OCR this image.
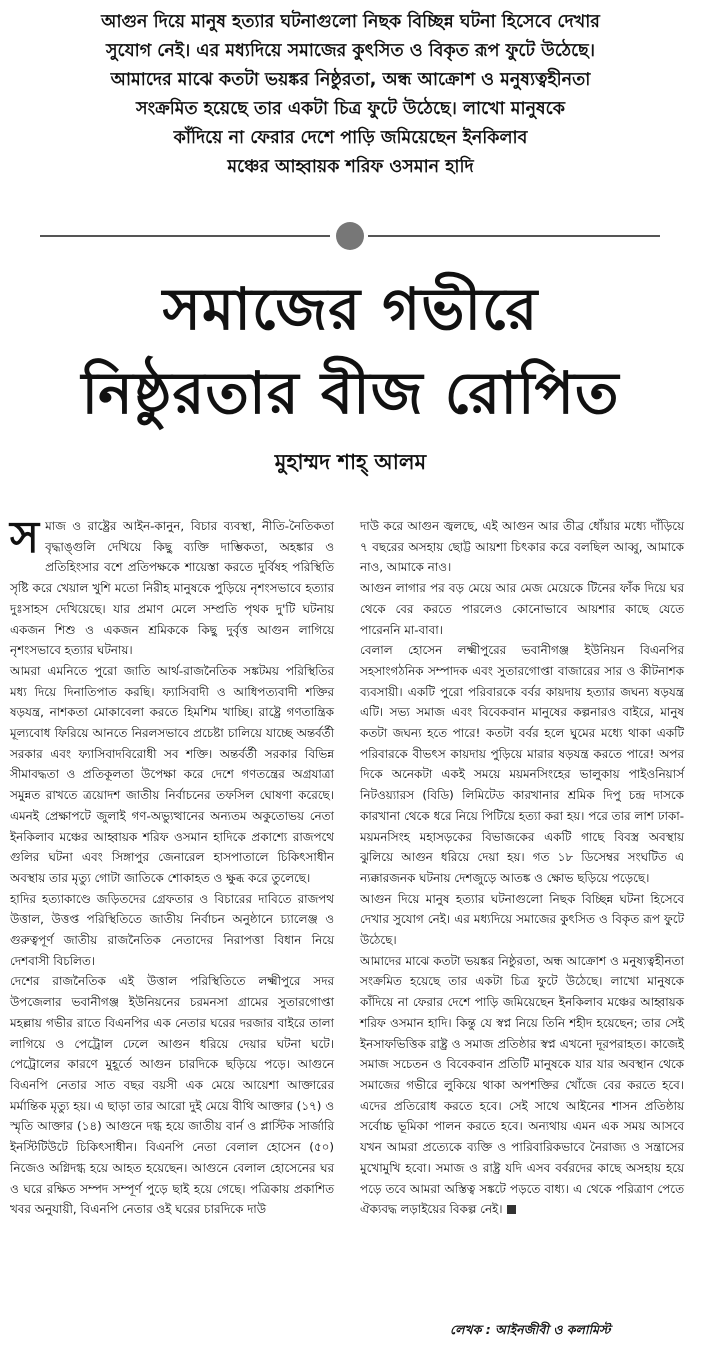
আগুন দিয়ে মানুষ হত্যার ঘটনাগুলো নিছক বিচ্ছিন্ন ঘটনা হিসেবে দেখার
সুযোগ নেই। এর মধ্যদিয়ে সমাজের কুৎসিত ও বিকৃত রূপ ফুটে উঠেছে।
আমাদের মাঝে কতটা ভয়ঙ্কর নিষ্ঠুরতা, অন্ধ আক্রোশ ও মনুষ্যত্বহীনতা
সংক্রমিত হয়েছে তার একটা চিত্র ফুটে উঠেছে। লাখো মানুষকে
কাঁদিয়ে না ফেরার দেশে পাড়ি জমিয়েছেন ইনকিলাব
মঞ্চের আহ্বায়ক শরিফ ওসমান হাদি
সমাজের গভীরে
নিষ্ঠুরতার বীজ রোপিত
মুহাম্মদ শাহ্ আলম
স মাজ ও রাষ্ট্রের আইন-কানুন, বিচার ব্যবস্থা, নীতি-নৈতিকতা বৃদ্ধাঙ্গুলি দেখিয়ে কিছু ব্যক্তি দাম্ভিকতা, অহঙ্কার ও প্রতিহিংসার বশে প্রতিপক্ষকে শায়েস্তা করতে দুর্বিষহ পরিস্থিতি সৃষ্টি করে খেয়াল খুশি মতো নিরীহ মানুষকে পুড়িয়ে নৃশংসভাবে হত্যার দুঃসাহস দেখিয়েছে। যার প্রমাণ মেলে সম্প্রতি পৃথক দু'টি ঘটনায় একজন শিশু ও একজন শ্রমিককে কিছু দুর্বৃত্ত আগুন লাগিয়ে নৃশংসভাবে হত্যার ঘটনায়।

আমরা এমনিতে পুরো জাতি আর্থ-রাজনৈতিক সঙ্কটময় পরিস্থিতির মধ্য দিয়ে দিনাতিপাত করছি। ফ্যাসিবাদী ও আধিপত্যবাদী শক্তির ষড়যন্ত্র, নাশকতা মোকাবেলা করতে হিমশিম খাচ্ছি। রাষ্ট্রে গণতান্ত্রিক মূল্যবোধ ফিরিয়ে আনতে নিরলসভাবে প্রচেষ্টা চালিয়ে যাচ্ছে অন্তর্বর্তী সরকার এবং ফ্যাসিবাদবিরোধী সব শক্তি। অন্তর্বর্তী সরকার বিভিন্ন সীমাবদ্ধতা ও প্রতিকূলতা উপেক্ষা করে দেশে গণতন্ত্রের অগ্রযাত্রা সমুন্নত রাখতে ত্রয়োদশ জাতীয় নির্বাচনের তফসিল ঘোষণা করেছে। এমনই প্রেক্ষাপটে জুলাই গণ-অভ্যুত্থানের অন্যতম অকুতোভয় নেতা ইনকিলাব মঞ্চের আহ্বায়ক শরিফ ওসমান হাদিকে প্রকাশ্যে রাজপথে গুলির ঘটনা এবং সিঙ্গাপুর জেনারেল হাসপাতালে চিকিৎসাধীন অবস্থায় তার মৃত্যু গোটা জাতিকে শোকাহত ও ক্ষুব্ধ করে তুলেছে।

হাদির হত্যাকাণ্ডে জড়িতদের গ্রেফতার ও বিচারের দাবিতে রাজপথ উত্তাল, উত্তপ্ত পরিস্থিতিতে জাতীয় নির্বাচন অনুষ্ঠানে চ্যালেঞ্জ ও গুরুত্বপূর্ণ জাতীয় রাজনৈতিক নেতাদের নিরাপত্তা বিধান নিয়ে দেশবাসী বিচলিত।

দেশের রাজনৈতিক এই উত্তাল পরিস্থিতিতে লক্ষ্মীপুরে সদর উপজেলার ভবানীগঞ্জ ইউনিয়নের চরমনসা গ্রামের সুতারগোপ্তা মহল্লায় গভীর রাতে বিএনপির এক নেতার ঘরের দরজার বাইরে তালা লাগিয়ে ও পেট্রোল ঢেলে আগুন ধরিয়ে দেয়ার ঘটনা ঘটে। পেট্রোলের কারণে মুহূর্তে আগুন চারদিকে ছড়িয়ে পড়ে। আগুনে বিএনপি নেতার সাত বছর বয়সী এক মেয়ে আয়েশা আক্তারের মর্মান্তিক মৃত্যু হয়। এ ছাড়া তার আরো দুই মেয়ে বীথি আক্তার (১৭) ও স্মৃতি আক্তার (১৪) আগুনে দগ্ধ হয়ে জাতীয় বার্ন ও প্লাস্টিক সার্জারি ইনস্টিটিউটে চিকিৎসাধীন। বিএনপি নেতা বেলাল হোসেন (৫০) নিজেও অগ্নিদগ্ধ হয়ে আহত হয়েছেন। আগুনে বেলাল হোসেনের ঘর ও ঘরে রক্ষিত সম্পদ সম্পূর্ণ পুড়ে ছাই হয়ে গেছে। পত্রিকায় প্রকাশিত খবর অনুযায়ী, বিএনপি নেতার ওই ঘরের চারদিকে দাউ

দাউ করে আগুন জ্বলছে, এই আগুন আর তীব্র ধোঁয়ার মধ্যে দাঁড়িয়ে ৭ বছরের অসহায় ছোট্ট আয়শা চিৎকার করে বলছিল আব্বু, আমাকে নাও, আমাকে নাও।

আগুন লাগার পর বড় মেয়ে আর মেজ মেয়েকে টিনের ফাঁক দিয়ে ঘর থেকে বের করতে পারলেও কোনোভাবে আয়শার কাছে যেতে পারেননি মা-বাবা।

বেলাল হোসেন লক্ষ্মীপুরের ভবানীগঞ্জ ইউনিয়ন বিএনপির সহসাংগঠনিক সম্পাদক এবং সুতারগোপ্তা বাজারের সার ও কীটনাশক ব্যবসায়ী। একটি পুরো পরিবারকে বর্বর কায়দায় হত্যার জঘন্য ষড়যন্ত্র এটি। সভ্য সমাজ এবং বিবেকবান মানুষের কল্পনারও বাইরে, মানুষ কতটা জঘন্য হতে পারে! কতটা বর্বর হলে ঘুমের মধ্যে থাকা একটি পরিবারকে বীভৎস কায়দায় পুড়িয়ে মারার ষড়যন্ত্র করতে পারে! অপর দিকে অনেকটা একই সময়ে ময়মনসিংহের ভালুকায় পাইওনিয়ার্স নিটওয়্যারস (বিডি) লিমিটেড কারখানার শ্রমিক দিপু চন্দ্র দাসকে কারখানা থেকে ধরে নিয়ে পিটিয়ে হত্যা করা হয়। পরে তার লাশ ঢাকা-ময়মনসিংহ মহাসড়কের বিভাজকের একটি গাছে বিবস্ত্র অবস্থায় ঝুলিয়ে আগুন ধরিয়ে দেয়া হয়। গত ১৮ ডিসেম্বর সংঘটিত এ ন্যক্কারজনক ঘটনায় দেশজুড়ে আতঙ্ক ও ক্ষোভ ছড়িয়ে পড়েছে।

আগুন দিয়ে মানুষ হত্যার ঘটনাগুলো নিছক বিচ্ছিন্ন ঘটনা হিসেবে দেখার সুযোগ নেই। এর মধ্যদিয়ে সমাজের কুৎসিত ও বিকৃত রূপ ফুটে উঠেছে।

আমাদের মাঝে কতটা ভয়ঙ্কর নিষ্ঠুরতা, অন্ধ আক্রোশ ও মনুষ্যত্বহীনতা সংক্রমিত হয়েছে তার একটা চিত্র ফুটে উঠেছে। লাখো মানুষকে কাঁদিয়ে না ফেরার দেশে পাড়ি জমিয়েছেন ইনকিলাব মঞ্চের আহ্বায়ক শরিফ ওসমান হাদি। কিন্তু যে স্বপ্ন নিয়ে তিনি শহীদ হয়েছেন; তার সেই ইনসাফভিত্তিক রাষ্ট্র ও সমাজ প্রতিষ্ঠার স্বপ্ন এখনো দূরপরাহত। কাজেই সমাজ সচেতন ও বিবেকবান প্রতিটি মানুষকে যার যার অবস্থান থেকে সমাজের গভীরে লুকিয়ে থাকা অপশক্তির খোঁজে বের করতে হবে। এদের প্রতিরোধ করতে হবে। সেই সাথে আইনের শাসন প্রতিষ্ঠায় সর্বোচ্চ ভূমিকা পালন করতে হবে। অন্যথায় এমন এক সময় আসবে যখন আমরা প্রত্যেকে ব্যক্তি ও পারিবারিকভাবে নৈরাজ্য ও সন্ত্রাসের মুখোমুখি হবো। সমাজ ও রাষ্ট্র যদি এসব বর্বরদের কাছে অসহায় হয়ে পড়ে তবে আমরা অস্তিত্ব সঙ্কটে পড়তে বাধ্য। এ থেকে পরিত্রাণ পেতে ঐক্যবদ্ধ লড়াইয়ের বিকল্প নেই।

লেখক : আইনজীবী ও কলামিস্ট
